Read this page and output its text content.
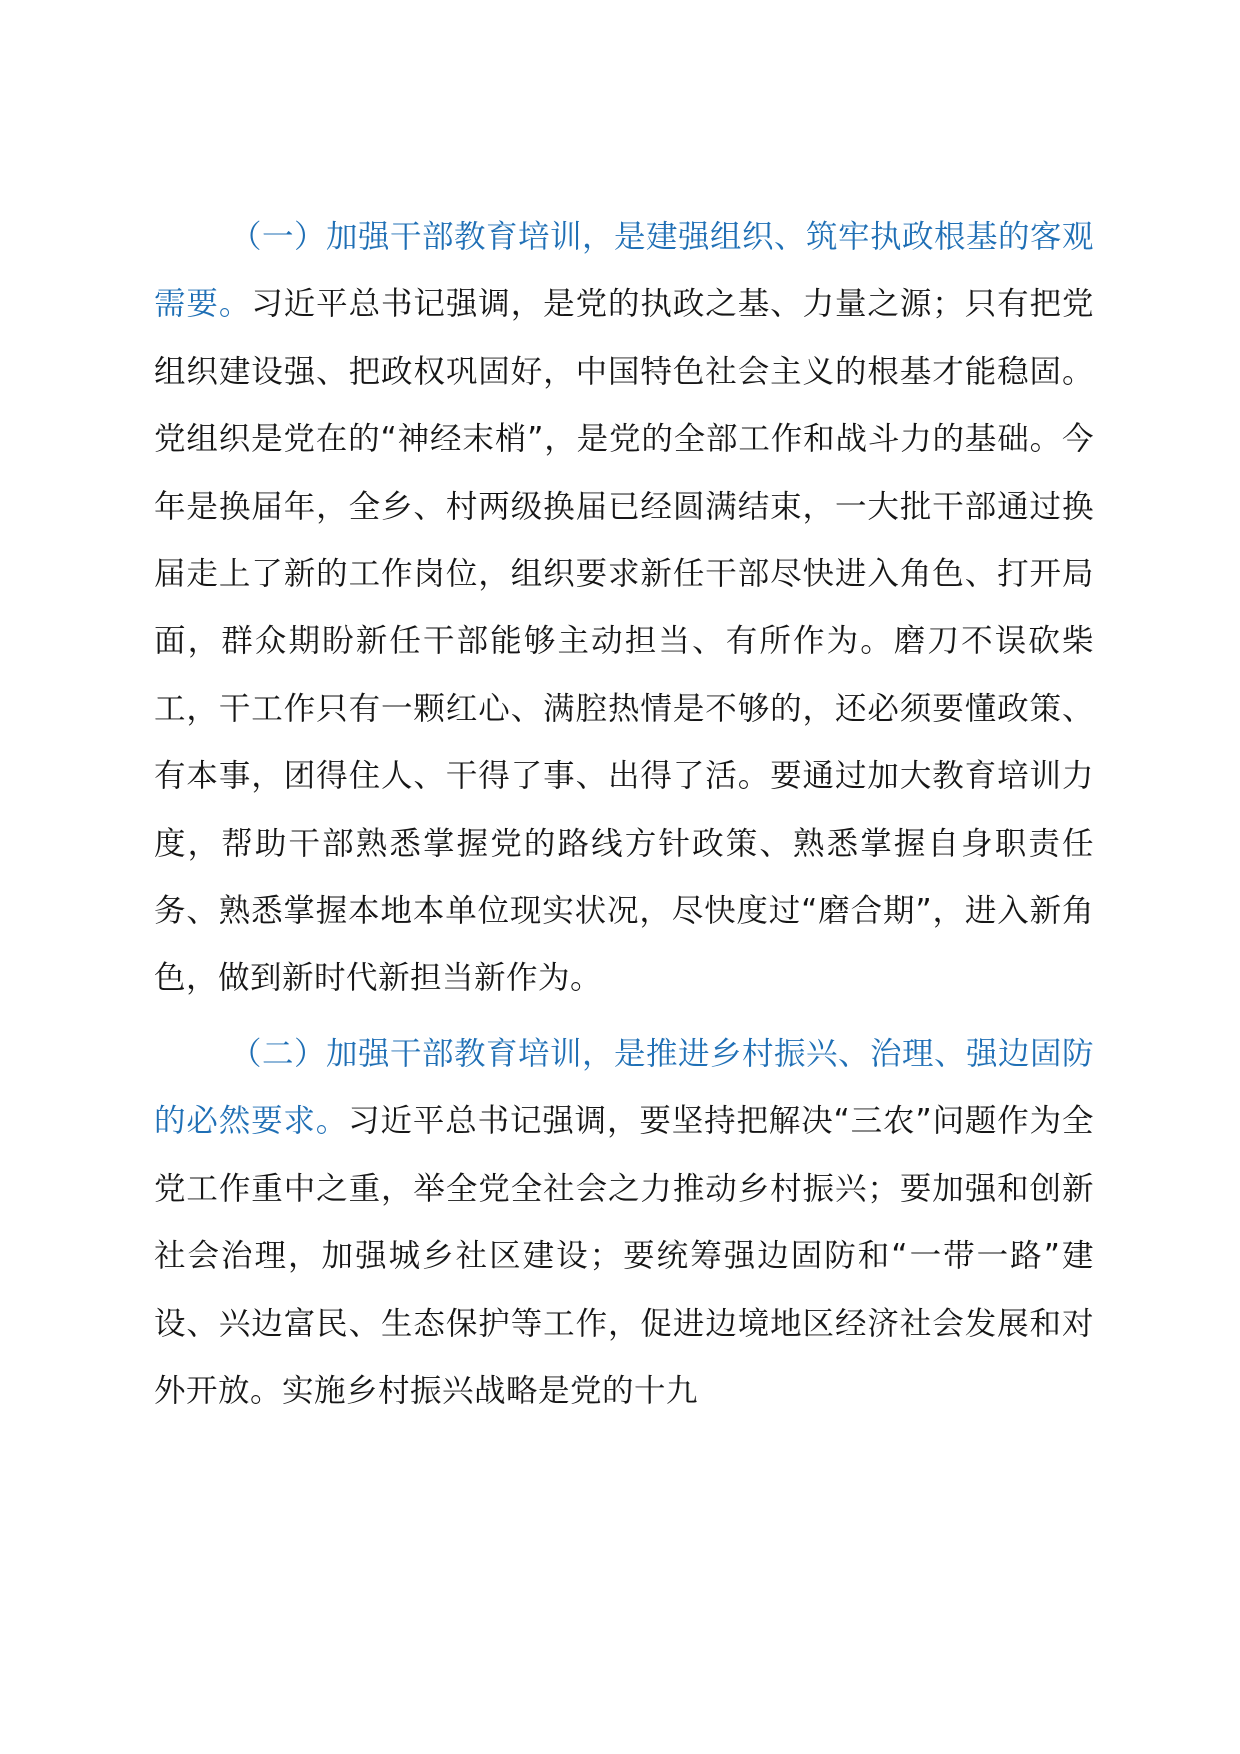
（一）加强干部教育培训，是建强组织、筑牢执政根基的客观需要。习近平总书记强调，是党的执政之基、力量之源；只有把党组织建设强、把政权巩固好，中国特色社会主义的根基才能稳固。党组织是党在的“神经末梢”，是党的全部工作和战斗力的基础。今年是换届年，全乡、村两级换届已经圆满结束，一大批干部通过换届走上了新的工作岗位，组织要求新任干部尽快进入角色、打开局面，群众期盼新任干部能够主动担当、有所作为。磨刀不误砍柴工，干工作只有一颗红心、满腔热情是不够的，还必须要懂政策、有本事，团得住人、干得了事、出得了活。要通过加大教育培训力度，帮助干部熟悉掌握党的路线方针政策、熟悉掌握自身职责任务、熟悉掌握本地本单位现实状况，尽快度过“磨合期”，进入新角色，做到新时代新担当新作为。

（二）加强干部教育培训，是推进乡村振兴、治理、强边固防的必然要求。习近平总书记强调，要坚持把解决“三农”问题作为全党工作重中之重，举全党全社会之力推动乡村振兴；要加强和创新社会治理，加强城乡社区建设；要统筹强边固防和“一带一路”建设、兴边富民、生态保护等工作，促进边境地区经济社会发展和对外开放。实施乡村振兴战略是党的十九
